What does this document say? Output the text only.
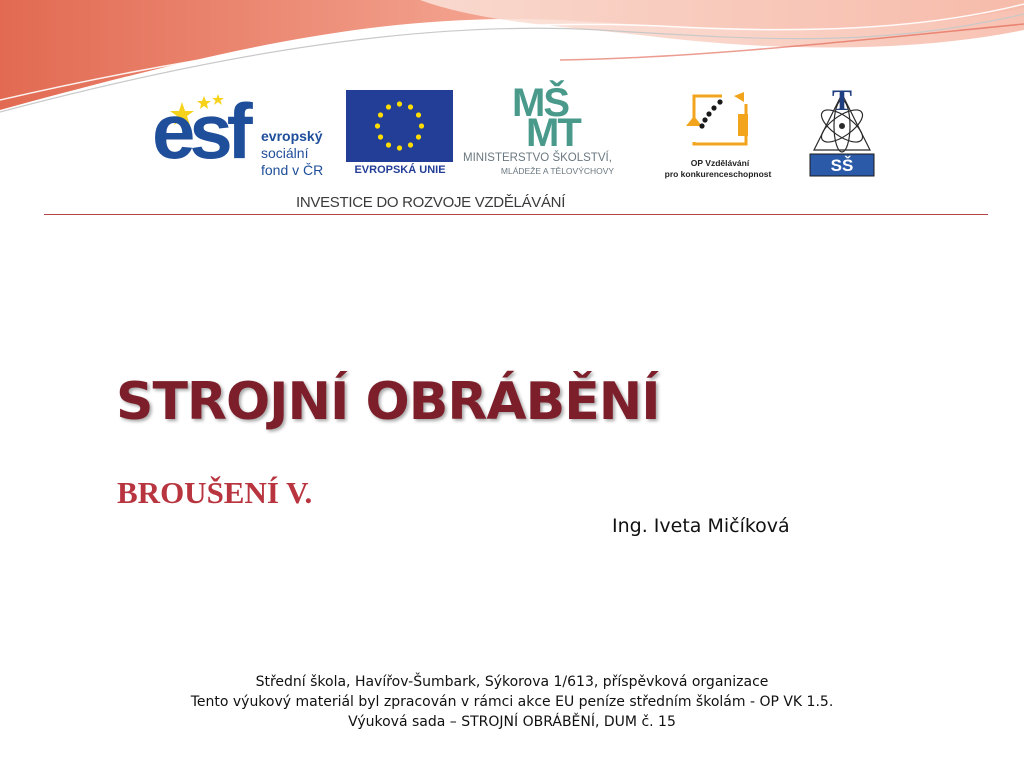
esf evropský
sociální
fond v ČR	EVROPSKÁ UNIE
MŠ
MT
MINISTERSTVO ŠKOLSTVÍ,
MLÁDEŽE A TĚLOVÝCHOVY
OP Vzdělávání
pro konkurenceschopnost
T
SŠ
INVESTICE DO ROZVOJE VZDĚLÁVÁNÍ
STROJNÍ OBRÁBĚNÍ
BROUŠENÍ V.
Ing. Iveta Mičíková
Střední škola, Havířov-Šumbark, Sýkorova 1/613, příspěvková organizace
Tento výukový materiál byl zpracován v rámci akce EU peníze středním školám - OP VK 1.5.
Výuková sada – STROJNÍ OBRÁBĚNÍ, DUM č. 15
